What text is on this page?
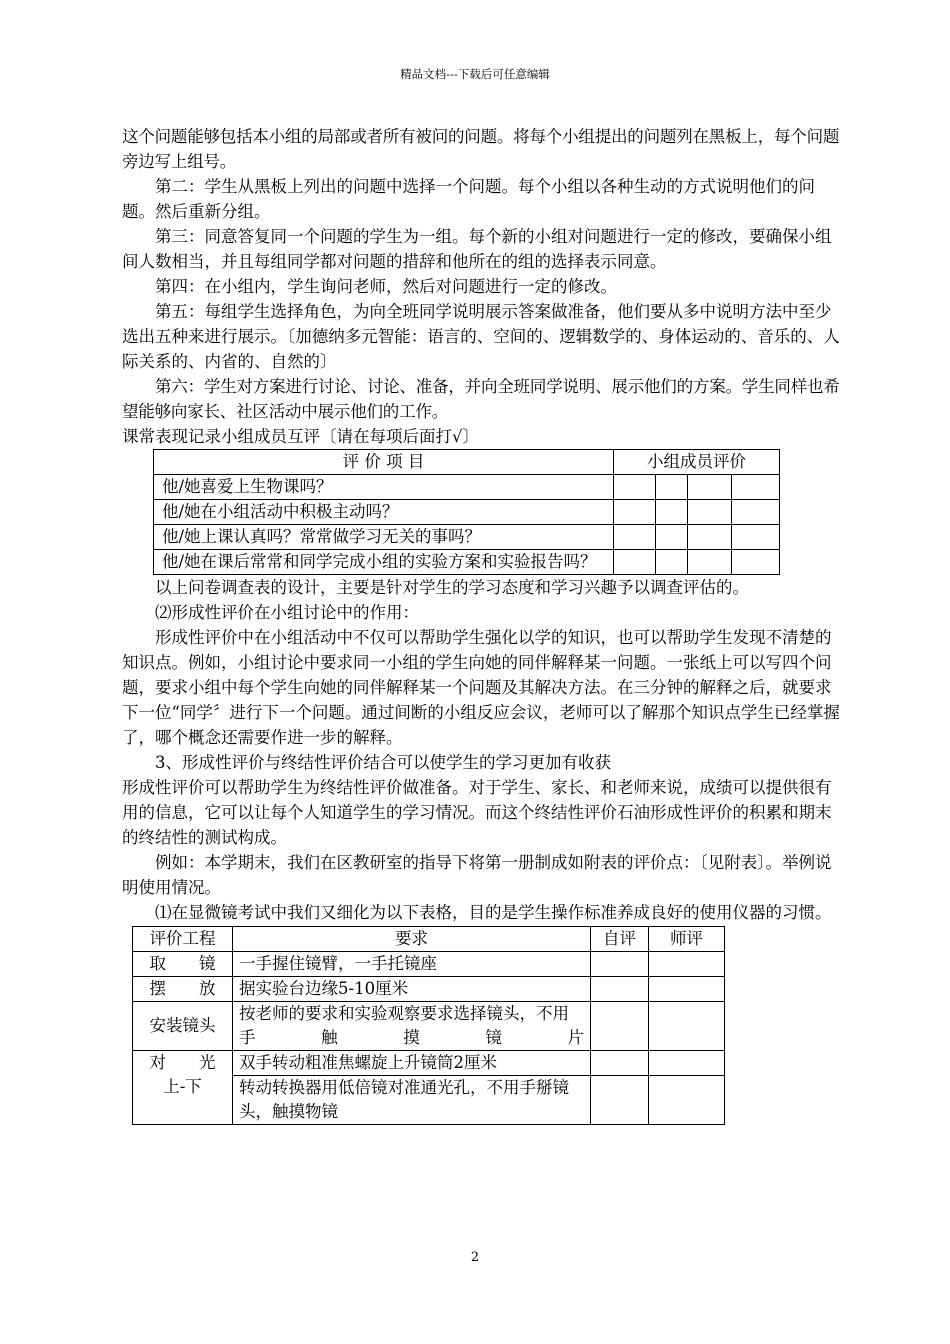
精品文档---下载后可任意编辑

这个问题能够包括本小组的局部或者所有被问的问题。将每个小组提出的问题列在黑板上，每个问题旁边写上组号。

第二：学生从黑板上列出的问题中选择一个问题。每个小组以各种生动的方式说明他们的问题。然后重新分组。

第三：同意答复同一个问题的学生为一组。每个新的小组对问题进行一定的修改，要确保小组间人数相当，并且每组同学都对问题的措辞和他所在的组的选择表示同意。

第四：在小组内，学生询问老师，然后对问题进行一定的修改。

第五：每组学生选择角色，为向全班同学说明展示答案做准备，他们要从多中说明方法中至少选出五种来进行展示。〔加德纳多元智能：语言的、空间的、逻辑数学的、身体运动的、音乐的、人际关系的、内省的、自然的〕

第六：学生对方案进行讨论、讨论、准备，并向全班同学说明、展示他们的方案。学生同样也希望能够向家长、社区活动中展示他们的工作。

课常表现记录小组成员互评〔请在每项后面打√〕

评 价 项 目	小组成员评价			
他/她喜爱上生物课吗？				
他/她在小组活动中积极主动吗？				
他/她上课认真吗？常常做学习无关的事吗？				
他/她在课后常常和同学完成小组的实验方案和实验报告吗？				

以上问卷调查表的设计，主要是针对学生的学习态度和学习兴趣予以调查评估的。

⑵形成性评价在小组讨论中的作用：

形成性评价中在小组活动中不仅可以帮助学生强化以学的知识，也可以帮助学生发现不清楚的知识点。例如，小组讨论中要求同一小组的学生向她的同伴解释某一问题。一张纸上可以写四个问题，要求小组中每个学生向她的同伴解释某一个问题及其解决方法。在三分钟的解释之后，就要求下一位“同学〞进行下一个问题。通过间断的小组反应会议，老师可以了解那个知识点学生已经掌握了，哪个概念还需要作进一步的解释。

3、形成性评价与终结性评价结合可以使学生的学习更加有收获

形成性评价可以帮助学生为终结性评价做准备。对于学生、家长、和老师来说，成绩可以提供很有用的信息，它可以让每个人知道学生的学习情况。而这个终结性评价石油形成性评价的积累和期末的终结性的测试构成。

例如：本学期末，我们在区教研室的指导下将第一册制成如附表的评价点：〔见附表〕。举例说明使用情况。

⑴在显微镜考试中我们又细化为以下表格，目的是学生操作标准养成良好的使用仪器的习惯。

评价工程	要求	自评	师评
取　　镜	一手握住镜臂，一手托镜座		
摆　　放	据实验台边缘5-10厘米		
安装镜头	按老师的要求和实验观察要求选择镜头，不用手触摸镜片		

对　　光
上-下	双手转动粗准焦螺旋上升镜筒2厘米		
	转动转换器用低倍镜对准通光孔，不用手掰镜头，触摸物镜		
2
